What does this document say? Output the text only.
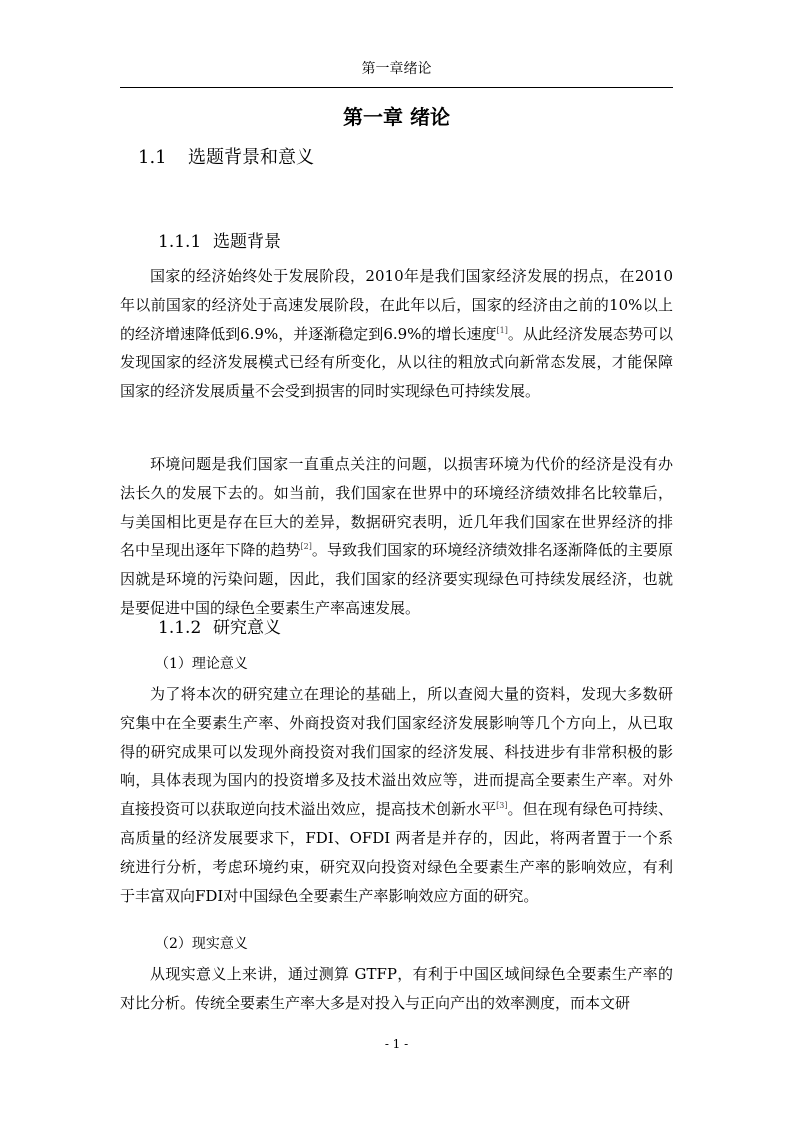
第一章绪论
第一章 绪论
1.1 选题背景和意义
1.1.1 选题背景

国家的经济始终处于发展阶段，2010年是我们国家经济发展的拐点，在2010年以前国家的经济处于高速发展阶段，在此年以后，国家的经济由之前的10%以上的经济增速降低到6.9%，并逐渐稳定到6.9%的增长速度[1]。从此经济发展态势可以发现国家的经济发展模式已经有所变化，从以往的粗放式向新常态发展，才能保障国家的经济发展质量不会受到损害的同时实现绿色可持续发展。

环境问题是我们国家一直重点关注的问题，以损害环境为代价的经济是没有办法长久的发展下去的。如当前，我们国家在世界中的环境经济绩效排名比较靠后，与美国相比更是存在巨大的差异，数据研究表明，近几年我们国家在世界经济的排名中呈现出逐年下降的趋势[2]。导致我们国家的环境经济绩效排名逐渐降低的主要原因就是环境的污染问题，因此，我们国家的经济要实现绿色可持续发展经济，也就是要促进中国的绿色全要素生产率高速发展。

1.1.2 研究意义
（1）理论意义

为了将本次的研究建立在理论的基础上，所以查阅大量的资料，发现大多数研究集中在全要素生产率、外商投资对我们国家经济发展影响等几个方向上，从已取得的研究成果可以发现外商投资对我们国家的经济发展、科技进步有非常积极的影响，具体表现为国内的投资增多及技术溢出效应等，进而提高全要素生产率。对外直接投资可以获取逆向技术溢出效应，提高技术创新水平[3]。但在现有绿色可持续、高质量的经济发展要求下，FDI、OFDI 两者是并存的，因此，将两者置于一个系统进行分析，考虑环境约束，研究双向投资对绿色全要素生产率的影响效应，有利于丰富双向FDI对中国绿色全要素生产率影响效应方面的研究。

（2）现实意义

从现实意义上来讲，通过测算 GTFP，有利于中国区域间绿色全要素生产率的对比分析。传统全要素生产率大多是对投入与正向产出的效率测度，而本文研

- 1 -
